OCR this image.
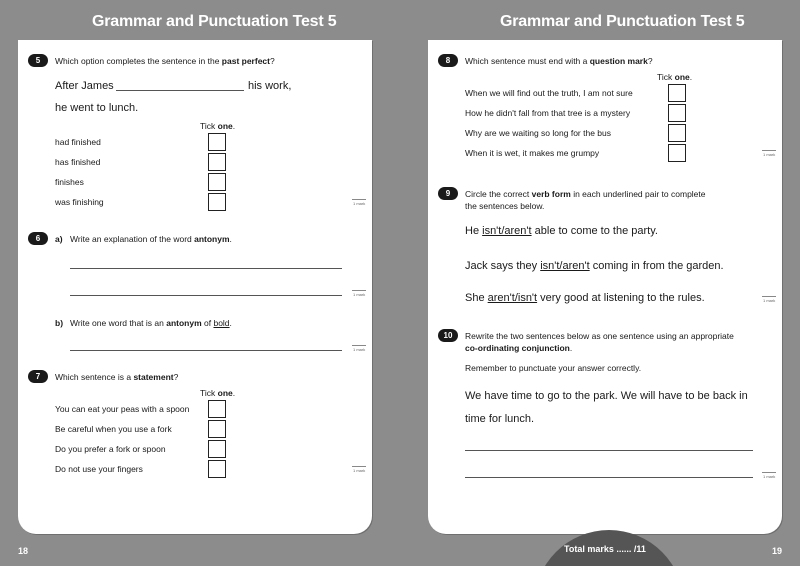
Grammar and Punctuation Test 5
5	Which option completes the sentence in the past perfect?
After James	his work,
he went to lunch.
Tick one.
had finished
has finished
finishes
was finishing	1 mark
6	a) Write an explanation of the word antonym.
1 mark
b) Write one word that is an antonym of bold.
1 mark
7	Which sentence is a statement?
Tick one.
You can eat your peas with a spoon
Be careful when you use a fork
Do you prefer a fork or spoon
Do not use your fingers	1 mark
18
Grammar and Punctuation Test 5
8	Which sentence must end with a question mark?
Tick one.
When we will find out the truth, I am not sure
How he didn't fall from that tree is a mystery
Why are we waiting so long for the bus
When it is wet, it makes me grumpy	1 mark
9	Circle the correct verb form in each underlined pair to complete
the sentences below.
He isn't/aren't able to come to the party.
Jack says they isn't/aren't coming in from the garden.
She aren't/isn't very good at listening to the rules.	1 mark
10	Rewrite the two sentences below as one sentence using an appropriate
co-ordinating conjunction.
Remember to punctuate your answer correctly.
We have time to go to the park. We will have to be back in
time for lunch.
1 mark
Total marks ...... /11	19
